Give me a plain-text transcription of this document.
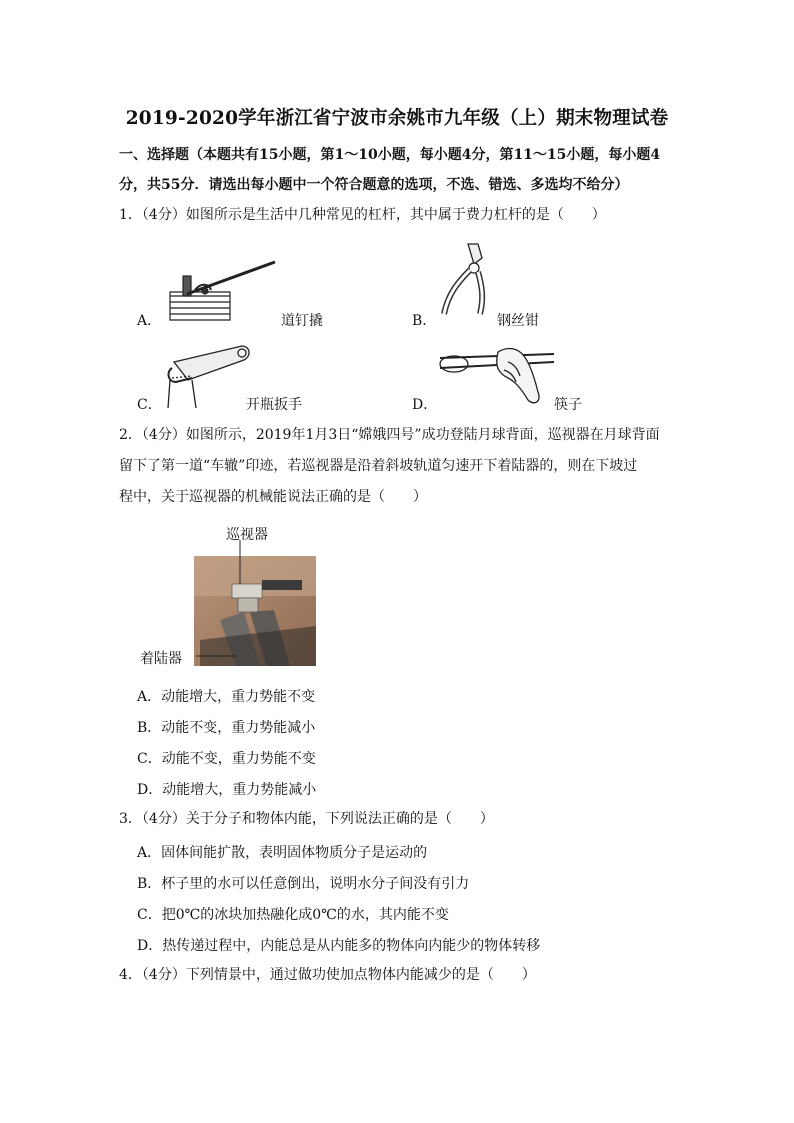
2019-2020学年浙江省宁波市余姚市九年级（上）期末物理试卷
一、选择题（本题共有15小题，第1～10小题，每小题4分，第11～15小题，每小题4
分，共55分．请选出每小题中一个符合题意的选项，不选、错选、多选均不给分）
1．（4分）如图所示是生活中几种常见的杠杆，其中属于费力杠杆的是（　　）
A．	道钉撬	B．	钢丝钳
C．	开瓶扳手	D．	筷子
2．（4分）如图所示，2019年1月3日“嫦娥四号”成功登陆月球背面，巡视器在月球背面
留下了第一道“车辙”印迹，若巡视器是沿着斜坡轨道匀速开下着陆器的，则在下坡过
程中，关于巡视器的机械能说法正确的是（　　）
巡视器
着陆器
A．动能增大，重力势能不变
B．动能不变，重力势能减小
C．动能不变，重力势能不变
D．动能增大，重力势能减小
3．（4分）关于分子和物体内能，下列说法正确的是（　　）
A．固体间能扩散，表明固体物质分子是运动的
B．杯子里的水可以任意倒出，说明水分子间没有引力
C．把0℃的冰块加热融化成0℃的水，其内能不变
D．热传递过程中，内能总是从内能多的物体向内能少的物体转移
4．（4分）下列情景中，通过做功使加点物体内能减少的是（　　）
